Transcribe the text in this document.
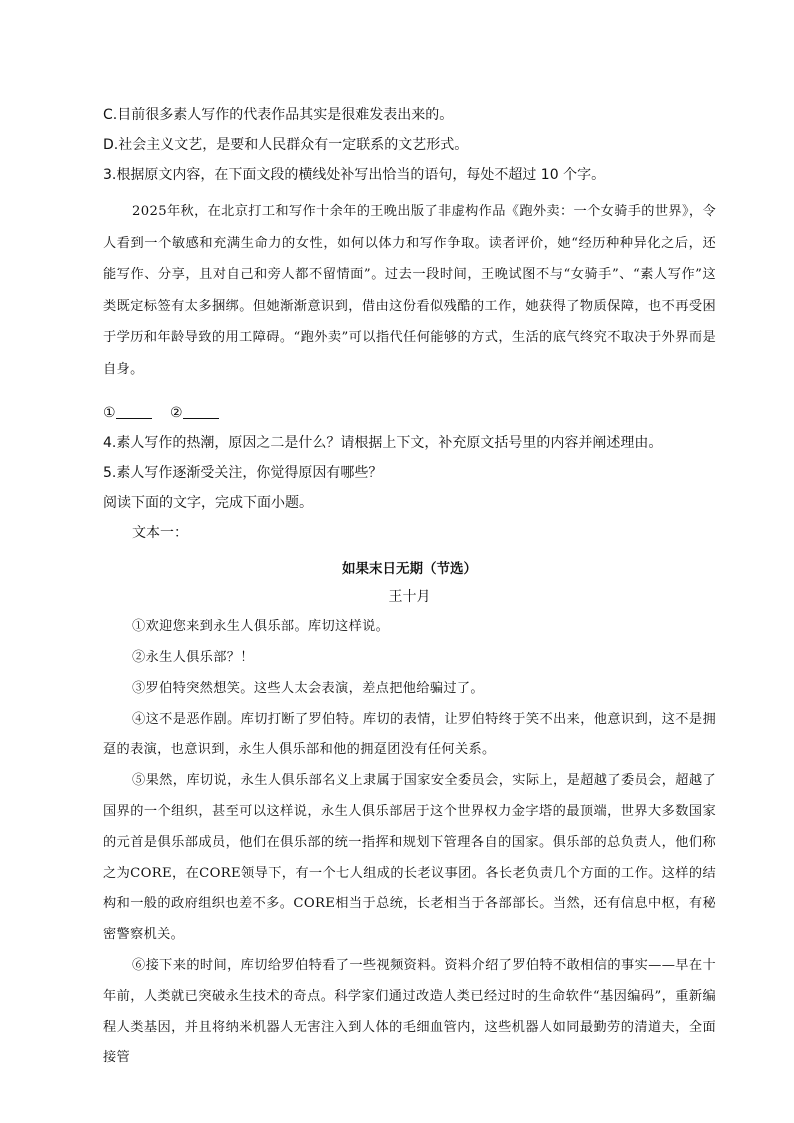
C.目前很多素人写作的代表作品其实是很难发表出来的。

D.社会主义文艺，是要和人民群众有一定联系的文艺形式。

3.根据原文内容，在下面文段的横线处补写出恰当的语句，每处不超过 10 个字。

2025年秋，在北京打工和写作十余年的王晚出版了非虚构作品《跑外卖：一个女骑手的世界》，令人看到一个敏感和充满生命力的女性，如何以体力和写作争取。读者评价，她“经历种种异化之后，还能写作、分享，且对自己和旁人都不留情面”。过去一段时间，王晚试图不与“女骑手”、“素人写作”这类既定标签有太多捆绑。但她渐渐意识到，借由这份看似残酷的工作，她获得了物质保障，也不再受困于学历和年龄导致的用工障碍。“跑外卖”可以指代任何能够的方式，生活的底气终究不取决于外界而是自身。

①	②

4.素人写作的热潮，原因之二是什么？请根据上下文，补充原文括号里的内容并阐述理由。

5.素人写作逐渐受关注，你觉得原因有哪些？

阅读下面的文字，完成下面小题。

文本一：

如果末日无期（节选）
王十月

①欢迎您来到永生人俱乐部。库切这样说。

②永生人俱乐部？！

③罗伯特突然想笑。这些人太会表演，差点把他给骗过了。

④这不是恶作剧。库切打断了罗伯特。库切的表情，让罗伯特终于笑不出来，他意识到，这不是拥趸的表演，也意识到，永生人俱乐部和他的拥趸团没有任何关系。

⑤果然，库切说，永生人俱乐部名义上隶属于国家安全委员会，实际上，是超越了委员会，超越了国界的一个组织，甚至可以这样说，永生人俱乐部居于这个世界权力金字塔的最顶端，世界大多数国家的元首是俱乐部成员，他们在俱乐部的统一指挥和规划下管理各自的国家。俱乐部的总负责人，他们称之为CORE，在CORE领导下，有一个七人组成的长老议事团。各长老负责几个方面的工作。这样的结构和一般的政府组织也差不多。CORE相当于总统，长老相当于各部部长。当然，还有信息中枢，有秘密警察机关。

⑥接下来的时间，库切给罗伯特看了一些视频资料。资料介绍了罗伯特不敢相信的事实——早在十年前，人类就已突破永生技术的奇点。科学家们通过改造人类已经过时的生命软件“基因编码”，重新编程人类基因，并且将纳米机器人无害注入到人体的毛细血管内，这些机器人如同最勤劳的清道夫，全面接管
